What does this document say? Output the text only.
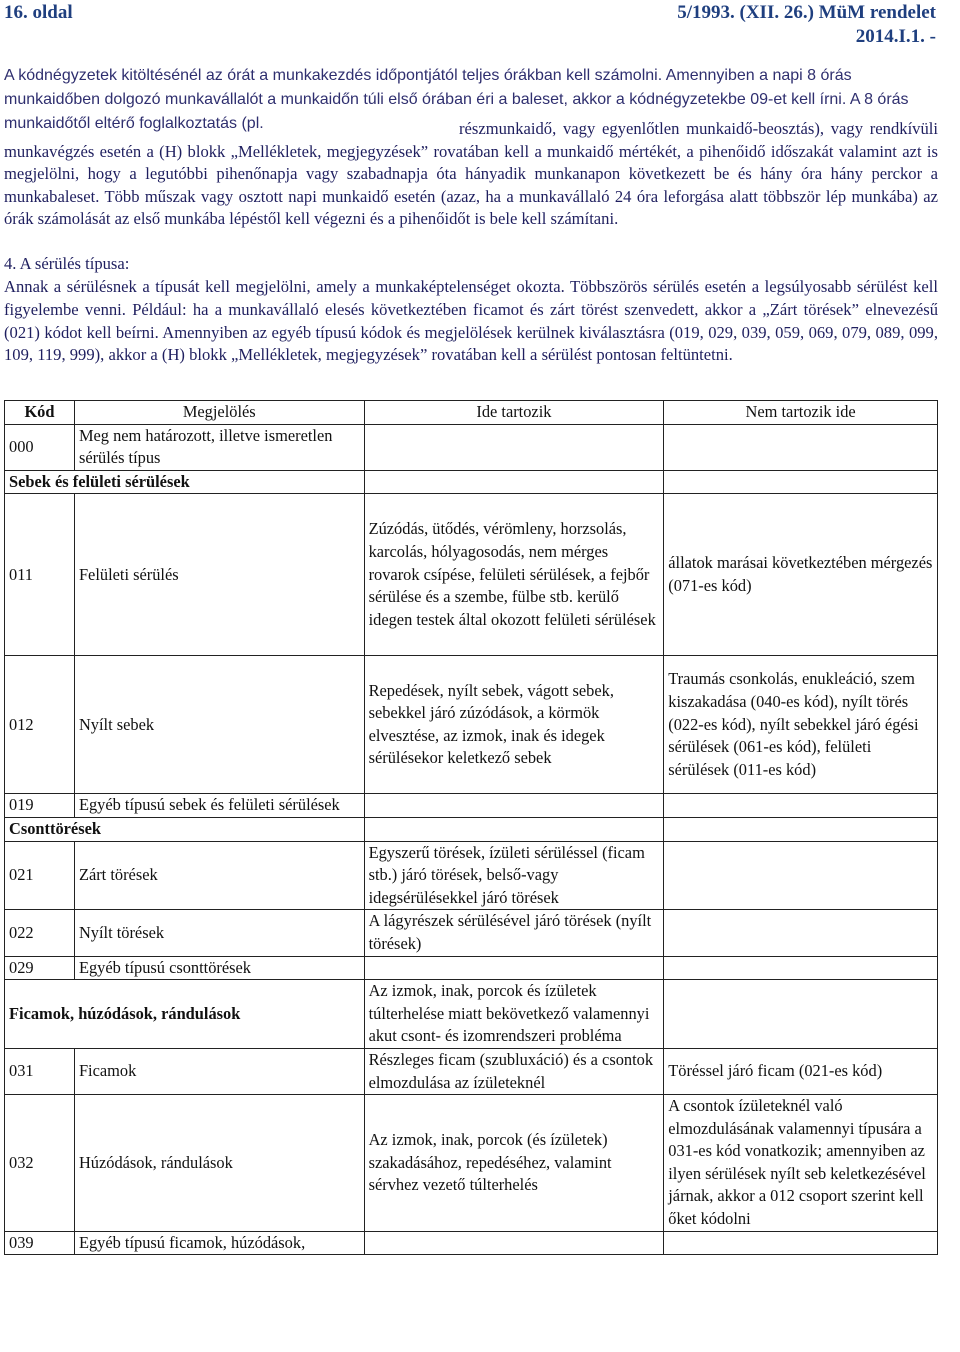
16. oldal	5/1993. (XII. 26.) MüM rendelet
2014.I.1. -
A kódnégyzetek kitöltésénél az órát a munkakezdés időpontjától teljes órákban kell számolni. Amennyiben a napi 8 órás munkaidőben dolgozó munkavállalót a munkaidőn túli első órában éri a baleset, akkor a kódnégyzetekbe 09-et kell írni. A 8 órás munkaidőtől eltérő foglalkoztatás (pl.	részmunkaidő, vagy egyenlőtlen munkaidő-beosztás), vagy rendkívüli munkavégzés esetén a (H) blokk „Mellékletek, megjegyzések” rovatában kell a munkaidő mértékét, a pihenőidő időszakát valamint azt is megjelölni, hogy a legutóbbi pihenőnapja vagy szabadnapja óta hányadik munkanapon következett be és hány óra hány perckor a munkabaleset. Több műszak vagy osztott napi munkaidő esetén (azaz, ha a munkavállaló 24 óra leforgása alatt többször lép munkába) az órák számolását az első munkába lépéstől kell végezni és a pihenőidőt is bele kell számítani.
4. A sérülés típusa:
Annak a sérülésnek a típusát kell megjelölni, amely a munkaképtelenséget okozta. Többszörös sérülés esetén a legsúlyosabb sérülést kell figyelembe venni. Például: ha a munkavállaló elesés következtében ficamot és zárt törést szenvedett, akkor a „Zárt törések” elnevezésű (021) kódot kell beírni. Amennyiben az egyéb típusú kódok és megjelölések kerülnek kiválasztásra (019, 029, 039, 059, 069, 079, 089, 099, 109, 119, 999), akkor a (H) blokk „Mellékletek, megjegyzések” rovatában kell a sérülést pontosan feltüntetni.
Kód	Megjelölés	Ide tartozik	Nem tartozik ide
000	Meg nem határozott, illetve ismeretlen sérülés típus		
Sebek és felületi sérülések			
011	Felületi sérülés	Zúzódás, ütődés, vérömleny, horzsolás, karcolás, hólyagosodás, nem mérges rovarok csípése, felületi sérülések, a fejbőr sérülése és a szembe, fülbe stb. kerülő idegen testek által okozott felületi sérülések	állatok marásai következtében mérgezés (071-es kód)
012	Nyílt sebek	Repedések, nyílt sebek, vágott sebek, sebekkel járó zúzódások, a körmök elvesztése, az izmok, inak és idegek sérülésekor keletkező sebek	Traumás csonkolás, enukleáció, szem kiszakadása (040-es kód), nyílt törés (022-es kód), nyílt sebekkel járó égési sérülések (061-es kód), felületi sérülések (011-es kód)
019	Egyéb típusú sebek és felületi sérülések		
Csonttörések			
021	Zárt törések	Egyszerű törések, ízületi sérüléssel (ficam stb.) járó törések, belső-vagy idegsérülésekkel járó törések	
022	Nyílt törések	A lágyrészek sérülésével járó törések (nyílt törések)	
029	Egyéb típusú csonttörések		
Ficamok, húzódások, rándulások		Az izmok, inak, porcok és ízületek túlterhelése miatt bekövetkező valamennyi akut csont- és izomrendszeri probléma	
031	Ficamok	Részleges ficam (szubluxáció) és a csontok elmozdulása az ízületeknél	Töréssel járó ficam (021-es kód)
032	Húzódások, rándulások	Az izmok, inak, porcok (és ízületek) szakadásához, repedéséhez, valamint sérvhez vezető túlterhelés	A csontok ízületeknél való elmozdulásának valamennyi típusára a 031-es kód vonatkozik; amennyiben az ilyen sérülések nyílt seb keletkezésével járnak, akkor a 012 csoport szerint kell őket kódolni
039	Egyéb típusú ficamok, húzódások,		
